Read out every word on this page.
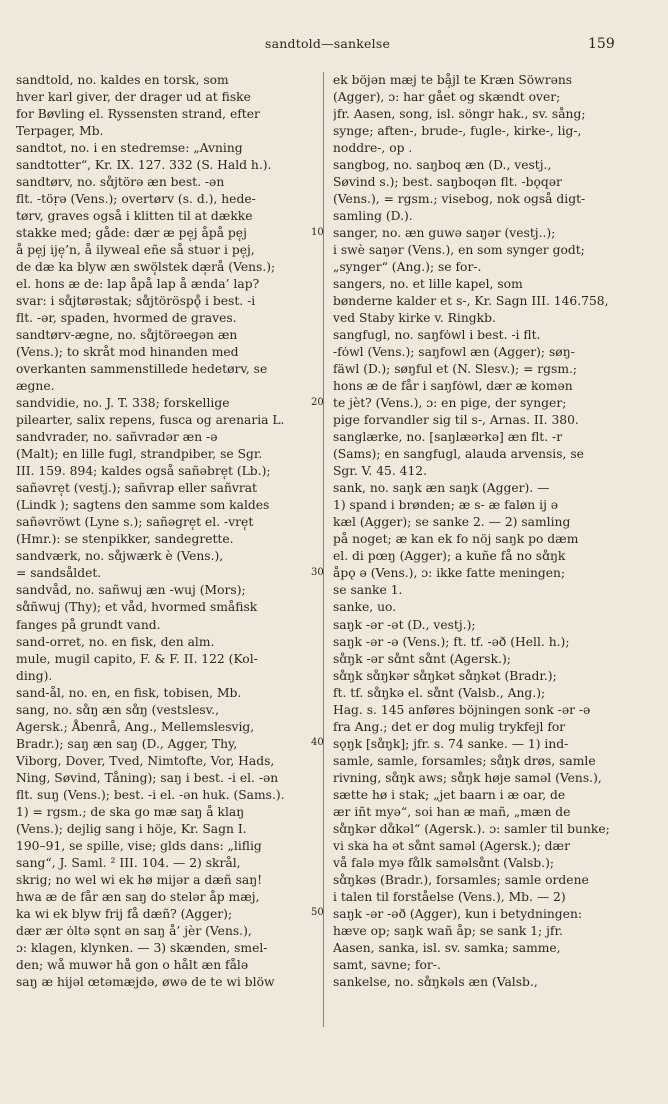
sandtold—sankelse	159
sandtold, no. kaldes en torsk, som
hver karl giver, der drager ud at fiske
for Bøvling el. Ryssensten strand, efter
Terpager, Mb.
sandtot, no. i en stedremse: „Avning
sandtotter“, Kr. IX. 127. 332 (S. Hald h.).
sandtørv, no. sɑ̊jtörə æn best. -ən
flt. -töṛə (Vens.); overtørv (s. d.), hede-
tørv, graves også i klitten til at dække
stakke med; gåde: dær æ pe̜j åpå pe̜j
å pe̜j ije̜’n, å ilyweal eñe så stuər i pe̜j,
de dæ ka blyw æn swö̜lstek dæ̜rå (Vens.);
el. hons æ de: lap åpå lap å ænda’ lap?
svar: i sɑ̊jtørəstak; sɑ̊jtöröspǫ̊ i best. -i
flt. -ər, spaden, hvormed de graves.
sandtørv-ægne, no. sɑ̊jtörəeɡən æn
(Vens.); to skråt mod hinanden med
overkanten sammenstillede hedetørv, se
ægne.
sandvidie, no. J. T. 338; forskellige
pilearter, salix repens, fusca og arenaria L.
sandvrader, no. sañvradər æn -ə
(Malt); en lille fugl, strandpiber, se Sgr.
III. 159. 894; kaldes også sañəbre̜t (Lb.);
sañəvre̜t (vestj.); sañvrap eller sañvrat
(Lindk ); sagtens den samme som kaldes
sañəvröwt (Lyne s.); sañəgre̜t el. -vre̜t
(Hmr.): se stenpikker, sandegrette.
sandværk, no. sɑ̊jwærk è (Vens.),
= sandsåldet.
sandvåd, no. sañwuj æn -wuj (Mors);
sɑ̊ñwuj (Thy); et våd, hvormed småfisk
fanges på grundt vand.
sand-orret, no. en fisk, den alm.
mule, mugil capito, F. & F. II. 122 (Kol-
ding).
sand-ål, no. en, en fisk, tobisen, Mb.
sang, no. sɑ̊ŋ æn sɑ̊ŋ (vestslesv.,
Agersk.; Åbenrå, Ang., Mellemslesvig,
Bradr.); saŋ æn saŋ (D., Agger, Thy,
Viborg, Dover, Tved, Nimtofte, Vor, Hads,
Ning, Søvind, Tåning); saŋ i best. -i el. -ən
flt. suŋ (Vens.); best. -i el. -ən huk. (Sams.).
1) = rgsm.; de ska go mæ saŋ å klaŋ
(Vens.); dejlig sang i höje, Kr. Sagn I.
190–91, se spille, vise; glds dans: „liflig
sang“, J. Saml. ² III. 104. — 2) skrål,
skrig; no wel wi ek hø mijər a dæñ saŋ!
hwa æ de får æn saŋ do stelər åp mæj,
ka wi ek blyw frij få dæñ? (Agger);
dær ær ȯltə sǫnt ən saŋ å’ jèr (Vens.),
ɔ: klagen, klynken. — 3) skænden, smel-
den; wå muwər hå gon o hålt æn fålə
saŋ æ hijəl œtəmæjdə, øwə de te wi blöw
ek böjən mæj te bå̜jl te Kræn Söwrəns
(Agger), ɔ: har gået og skændt over;
jfr. Aasen, song, isl. söngr hak., sv. sång;
synge; aften-, brude-, fugle-, kirke-, lig-,
noddre-, op .
sangbog, no. saŋboq æn (D., vestj.,
Søvind s.); best. saŋboqən flt. -bǫqər
(Vens.), = rgsm.; visebog, nok også digt-
samling (D.).
sanger, no. æn guwə saŋər (vestj..);
i swè saŋər (Vens.), en som synger godt;
„synger“ (Ang.); se for-.
sangers, no. et lille kapel, som
bønderne kalder et s-, Kr. Sagn III. 146.758,
ved Staby kirke v. Ringkb.
sangfugl, no. saŋfȯwl i best. -i flt.
-fȯwl (Vens.); saŋfowl æn (Agger); søŋ-
fäwl (D.); søŋful et (N. Slesv.); = rgsm.;
hons æ de får i saŋfȯwl, dær æ komən
te jèt? (Vens.), ɔ: en pige, der synger;
pige forvandler sig til s-, Arnas. II. 380.
sanglærke, no. [saŋlæərkə] æn flt. -r
(Sams); en sangfugl, alauda arvensis, se
Sgr. V. 45. 412.
sank, no. saŋk æn saŋk (Agger). —
1) spand i brønden; æ s- æ faløn ij ə
kæl (Agger); se sanke 2. — 2) samling
på noget; æ kan ek fo nöj saŋk po dæm
el. di pœŋ (Agger); a kuñe få no sɑ̊ŋk
åpǫ ə (Vens.), ɔ: ikke fatte meningen;
se sanke 1.
sanke, uo.
saŋk -ər -ət (D., vestj.);
saŋk -ər -ə (Vens.); ft. tf. -əð (Hell. h.);
sɑ̊ŋk -ər sɑ̊nt sɑ̊nt (Agersk.);
sɑ̊ŋk sɑ̊ŋkər sɑ̊ŋkət sɑ̊ŋkət (Bradr.);
ft. tf. sɑ̊ŋkə el. sɑ̊nt (Valsb., Ang.);
Hag. s. 145 anføres böjningen sonk -ər -ə
fra Ang.; det er dog mulig trykfejl for
sǫŋk [sɑ̊ŋk]; jfr. s. 74 sanke. — 1) ind-
samle, samle, forsamles; sɑ̊ŋk drøs, samle
rivning, sɑ̊ŋk aws; sɑ̊ŋk høje samǝl (Vens.),
sætte hø i stak; „jet baarn i æ oar, de
ær iñt myə“, soi han æ mañ, „mæn de
sɑ̊ŋkər dɑ̊kǝl“ (Agersk.). ɔ: samler til bunke;
vi ska ha ǝt sɑ̊nt samǝl (Agersk.); dær
vå falǝ myǝ fɑ̊lk samǝlsɑ̊nt (Valsb.);
sɑ̊ŋkǝs (Bradr.), forsamles; samle ordene
i talen til forståelse (Vens.), Mb. — 2)
saŋk -ər -əð (Agger), kun i betydningen:
hæve op; saŋk wañ åp; se sank 1; jfr.
Aasen, sanka, isl. sv. samka; samme,
samt, savne; for-.
sankelse, no. sɑ̊ŋkǝls æn (Valsb.,
10
20
30
40
50
